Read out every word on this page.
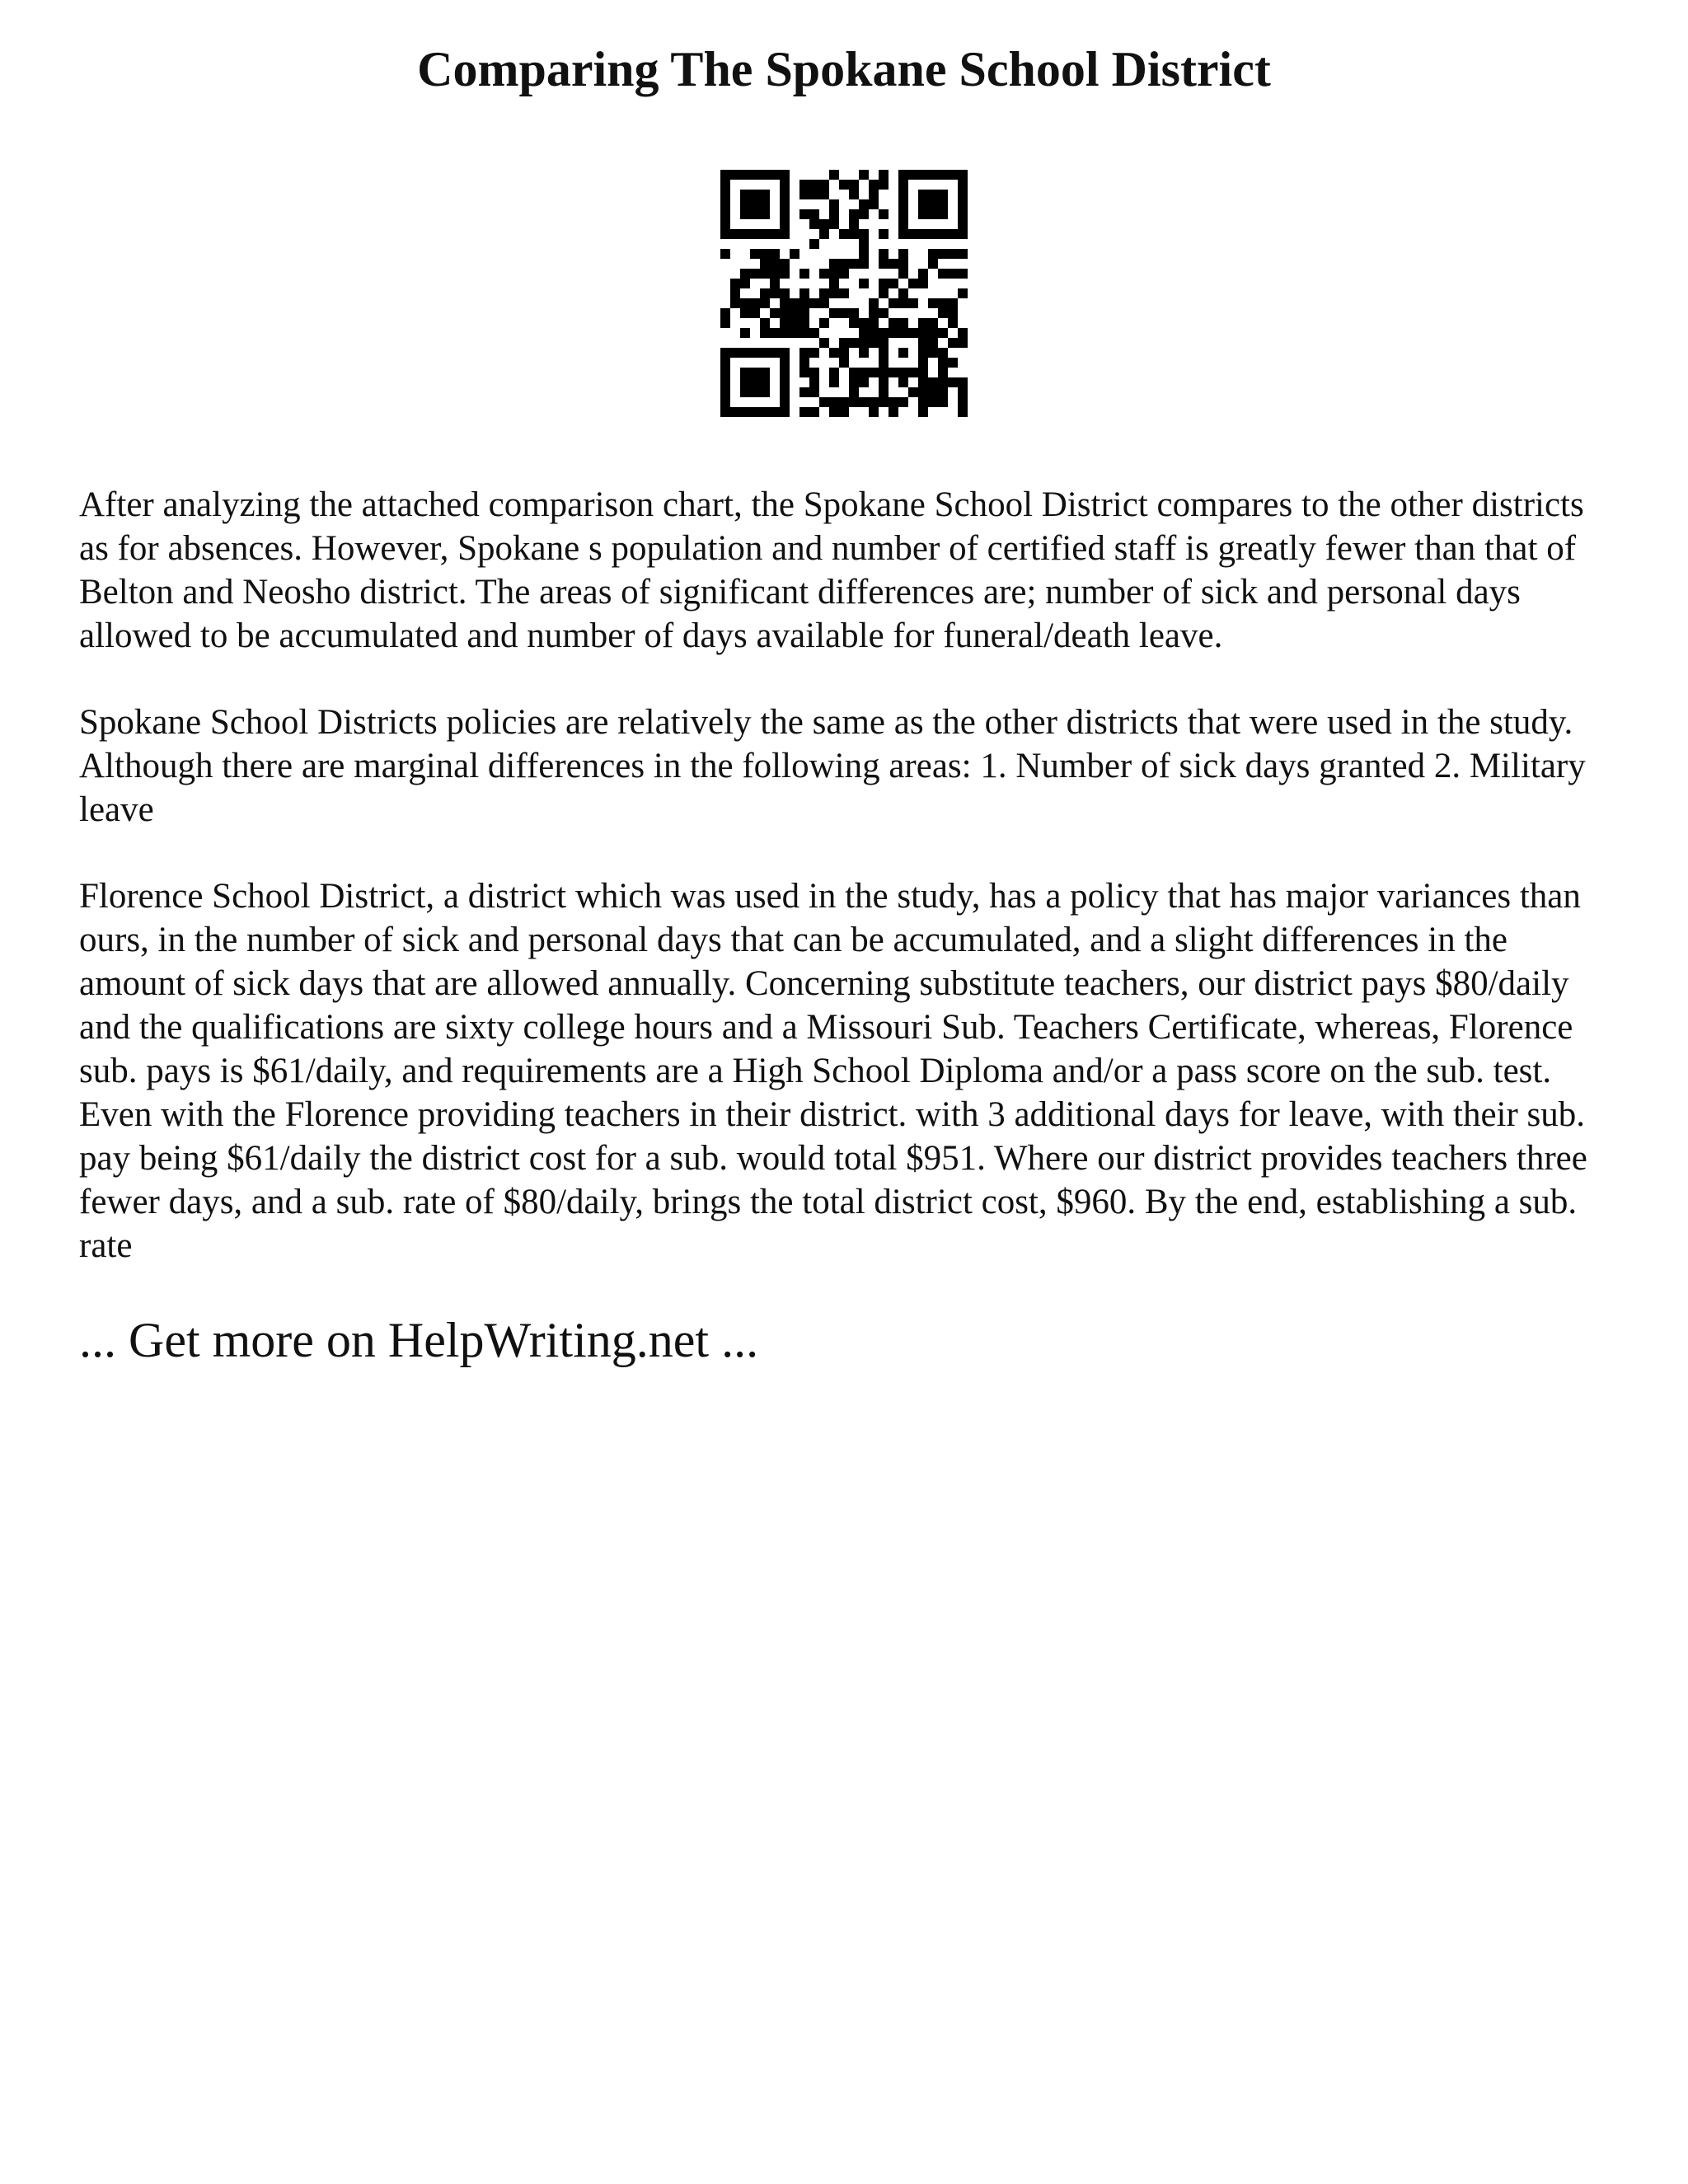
Comparing The Spokane School District

After analyzing the attached comparison chart, the Spokane School District compares to the other districts as for absences. However, Spokane s population and number of certified staff is greatly fewer than that of Belton and Neosho district. The areas of significant differences are; number of sick and personal days allowed to be accumulated and number of days available for funeral/death leave.

Spokane School Districts policies are relatively the same as the other districts that were used in the study. Although there are marginal differences in the following areas: 1. Number of sick days granted 2. Military leave

Florence School District, a district which was used in the study, has a policy that has major variances than ours, in the number of sick and personal days that can be accumulated, and a slight differences in the amount of sick days that are allowed annually. Concerning substitute teachers, our district pays $80/daily and the qualifications are sixty college hours and a Missouri Sub. Teachers Certificate, whereas, Florence sub. pays is $61/daily, and requirements are a High School Diploma and/or a pass score on the sub. test. Even with the Florence providing teachers in their district. with 3 additional days for leave, with their sub. pay being $61/daily the district cost for a sub. would total $951. Where our district provides teachers three fewer days, and a sub. rate of $80/daily, brings the total district cost, $960. By the end, establishing a sub. rate

... Get more on HelpWriting.net ...
